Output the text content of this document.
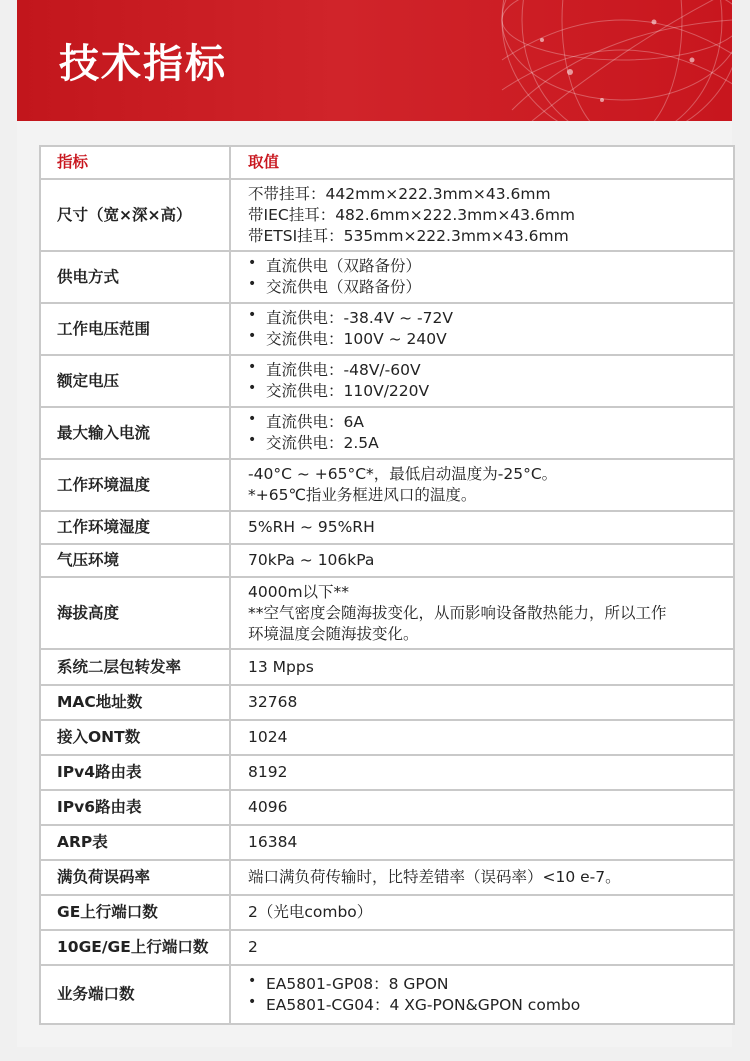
技术指标
指标	取值
尺寸（宽×深×高）	不带挂耳：442mm×222.3mm×43.6mm
带IEC挂耳：482.6mm×222.3mm×43.6mm
带ETSI挂耳：535mm×222.3mm×43.6mm

供电方式	• 直流供电（双路备份）
• 交流供电（双路备份）

工作电压范围	• 直流供电：-38.4V ~ -72V
• 交流供电：100V ~ 240V

额定电压	• 直流供电：-48V/-60V
• 交流供电：110V/220V

最大输入电流	• 直流供电：6A
• 交流供电：2.5A

工作环境温度	-40°C ~ +65°C*，最低启动温度为-25°C。
*+65℃指业务框进风口的温度。

工作环境湿度	5%RH ~ 95%RH

气压环境	70kPa ~ 106kPa

海拔高度	4000m以下**
**空气密度会随海拔变化，从而影响设备散热能力，所以工作
环境温度会随海拔变化。

系统二层包转发率	13 Mpps

MAC地址数	32768

接入ONT数	1024

IPv4路由表	8192

IPv6路由表	4096

ARP表	16384

满负荷误码率	端口满负荷传输时，比特差错率（误码率）<10 e-7。

GE上行端口数	2（光电combo）

10GE/GE上行端口数	2

业务端口数	• EA5801-GP08：8 GPON
• EA5801-CG04：4 XG-PON&GPON combo
